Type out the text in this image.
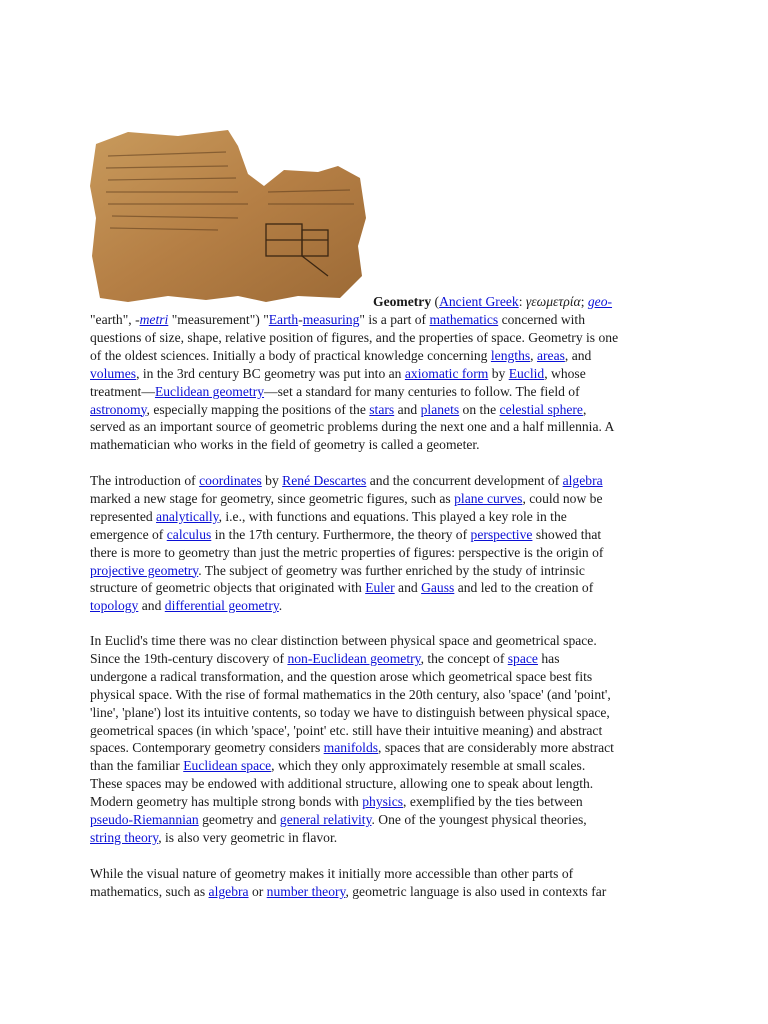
Geometry (Ancient Greek: γεωμετρία; geo-

"earth", -metri "measurement") "Earth-measuring" is a part of mathematics concerned with
questions of size, shape, relative position of figures, and the properties of space. Geometry is one
of the oldest sciences. Initially a body of practical knowledge concerning lengths, areas, and
volumes, in the 3rd century BC geometry was put into an axiomatic form by Euclid, whose
treatment—Euclidean geometry—set a standard for many centuries to follow. The field of
astronomy, especially mapping the positions of the stars and planets on the celestial sphere,
served as an important source of geometric problems during the next one and a half millennia. A
mathematician who works in the field of geometry is called a geometer.

The introduction of coordinates by René Descartes and the concurrent development of algebra
marked a new stage for geometry, since geometric figures, such as plane curves, could now be
represented analytically, i.e., with functions and equations. This played a key role in the
emergence of calculus in the 17th century. Furthermore, the theory of perspective showed that
there is more to geometry than just the metric properties of figures: perspective is the origin of
projective geometry. The subject of geometry was further enriched by the study of intrinsic
structure of geometric objects that originated with Euler and Gauss and led to the creation of
topology and differential geometry.

In Euclid's time there was no clear distinction between physical space and geometrical space.
Since the 19th-century discovery of non-Euclidean geometry, the concept of space has
undergone a radical transformation, and the question arose which geometrical space best fits
physical space. With the rise of formal mathematics in the 20th century, also 'space' (and 'point',
'line', 'plane') lost its intuitive contents, so today we have to distinguish between physical space,
geometrical spaces (in which 'space', 'point' etc. still have their intuitive meaning) and abstract
spaces. Contemporary geometry considers manifolds, spaces that are considerably more abstract
than the familiar Euclidean space, which they only approximately resemble at small scales.
These spaces may be endowed with additional structure, allowing one to speak about length.
Modern geometry has multiple strong bonds with physics, exemplified by the ties between
pseudo-Riemannian geometry and general relativity. One of the youngest physical theories,
string theory, is also very geometric in flavor.

While the visual nature of geometry makes it initially more accessible than other parts of
mathematics, such as algebra or number theory, geometric language is also used in contexts far
